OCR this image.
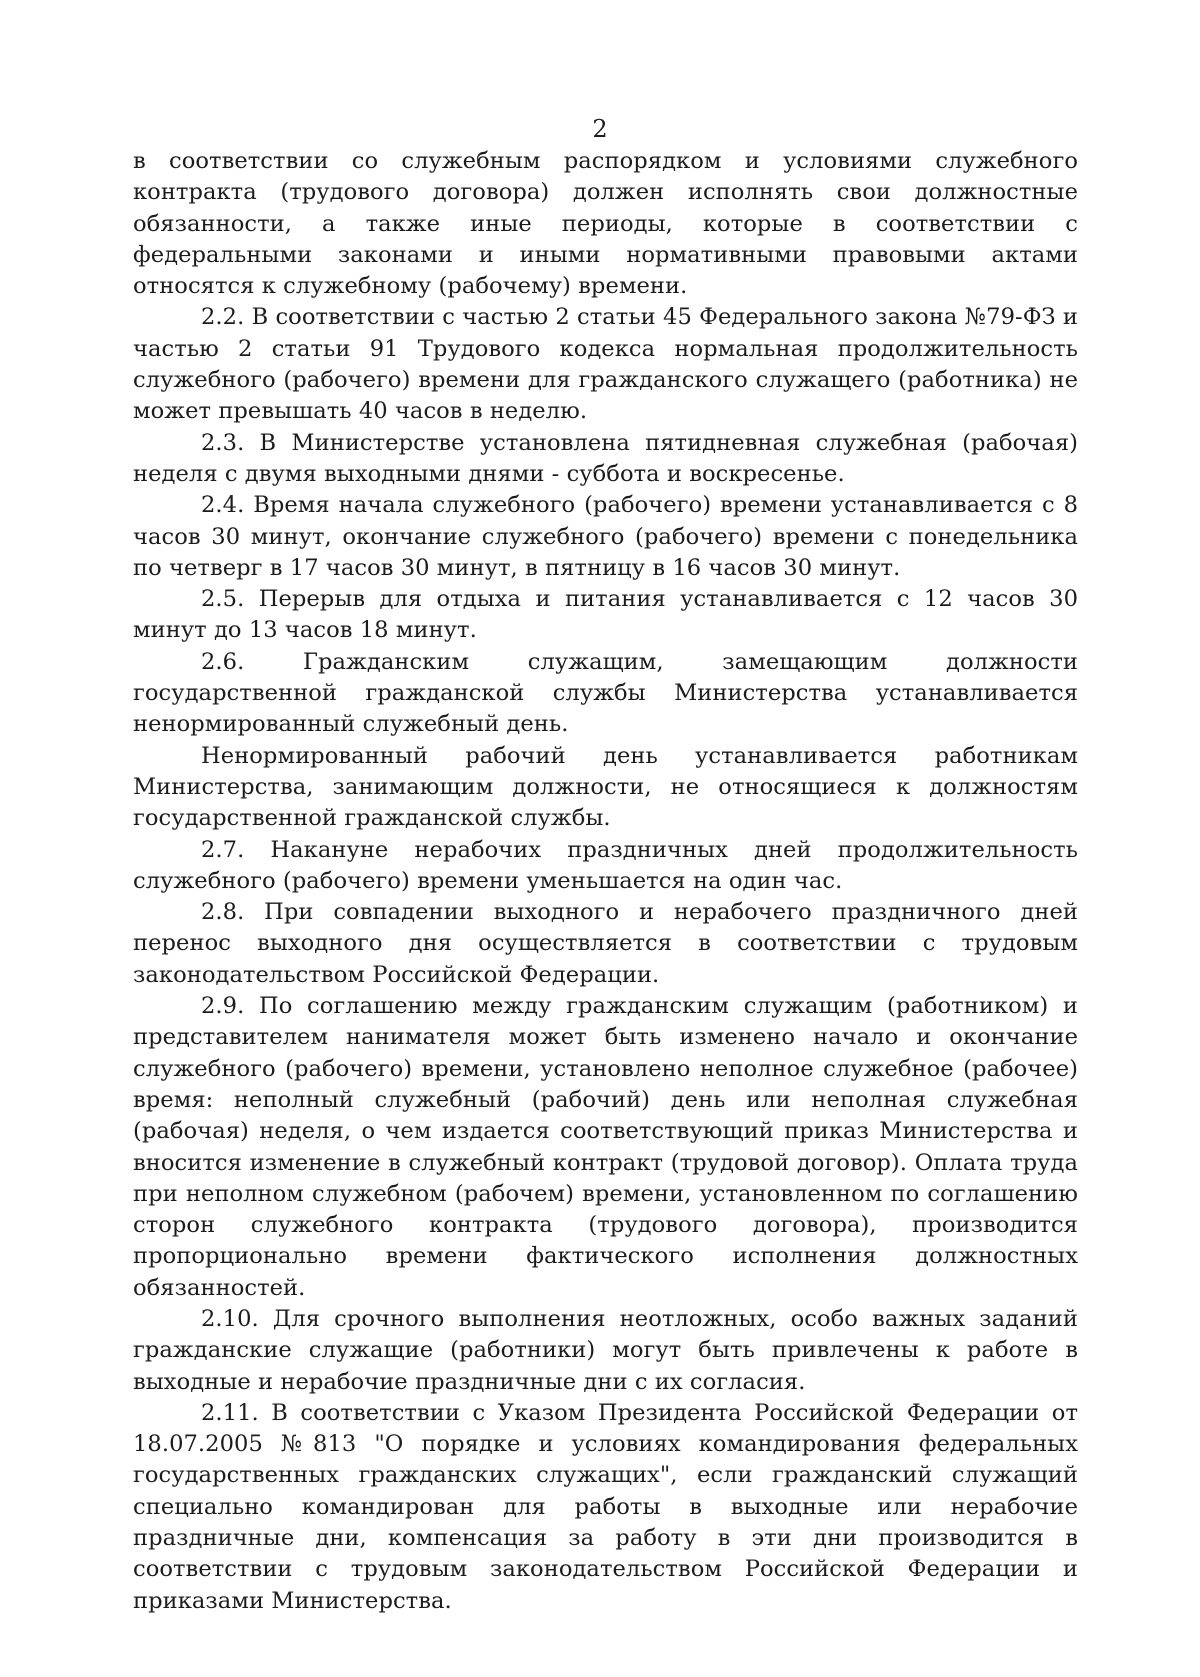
2

в соответствии со служебным распорядком и условиями служебного контракта (трудового договора) должен исполнять свои должностные обязанности, а также иные периоды, которые в соответствии с федеральными законами и иными нормативными правовыми актами относятся к служебному (рабочему) времени.

2.2. В соответствии с частью 2 статьи 45 Федерального закона №79-ФЗ и частью 2 статьи 91 Трудового кодекса нормальная продолжительность служебного (рабочего) времени для гражданского служащего (работника) не может превышать 40 часов в неделю.

2.3. В Министерстве установлена пятидневная служебная (рабочая) неделя с двумя выходными днями - суббота и воскресенье.

2.4. Время начала служебного (рабочего) времени устанавливается с 8 часов 30 минут, окончание служебного (рабочего) времени с понедельника по четверг в 17 часов 30 минут, в пятницу в 16 часов 30 минут.

2.5. Перерыв для отдыха и питания устанавливается с 12 часов 30 минут до 13 часов 18 минут.

2.6. Гражданским служащим, замещающим должности государственной гражданской службы Министерства устанавливается ненормированный служебный день.

Ненормированный рабочий день устанавливается работникам Министерства, занимающим должности, не относящиеся к должностям государственной гражданской службы.

2.7. Накануне нерабочих праздничных дней продолжительность служебного (рабочего) времени уменьшается на один час.

2.8. При совпадении выходного и нерабочего праздничного дней перенос выходного дня осуществляется в соответствии с трудовым законодательством Российской Федерации.

2.9. По соглашению между гражданским служащим (работником) и представителем нанимателя может быть изменено начало и окончание служебного (рабочего) времени, установлено неполное служебное (рабочее) время: неполный служебный (рабочий) день или неполная служебная (рабочая) неделя, о чем издается соответствующий приказ Министерства и вносится изменение в служебный контракт (трудовой договор). Оплата труда при неполном служебном (рабочем) времени, установленном по соглашению сторон служебного контракта (трудового договора), производится пропорционально времени фактического исполнения должностных обязанностей.

2.10. Для срочного выполнения неотложных, особо важных заданий гражданские служащие (работники) могут быть привлечены к работе в выходные и нерабочие праздничные дни с их согласия.

2.11. В соответствии с Указом Президента Российской Федерации от 18.07.2005 №813 "О порядке и условиях командирования федеральных государственных гражданских служащих", если гражданский служащий специально командирован для работы в выходные или нерабочие праздничные дни, компенсация за работу в эти дни производится в соответствии с трудовым законодательством Российской Федерации и приказами Министерства.
